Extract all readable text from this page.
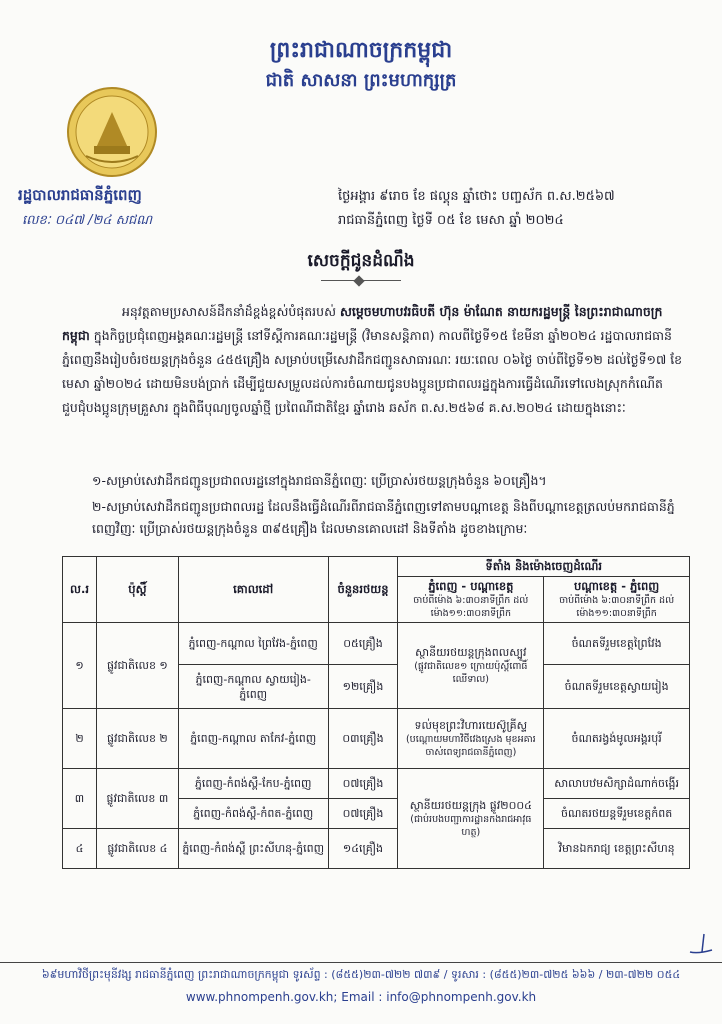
ព្រះរាជាណាចក្រកម្ពុជា
ជាតិ សាសនា ព្រះមហាក្សត្រ
រដ្ឋបាលរាជធានីភ្នំពេញ
លេខៈ ០៤៧ /២៤ សជណ
ថ្ងៃអង្គារ ៩រោច ខែ ផល្គុន ឆ្នាំថោះ បញ្ចស័ក ព.ស.២៥៦៧
រាជធានីភ្នំពេញ ថ្ងៃទី ០៥ ខែ មេសា ឆ្នាំ ២០២៤
សេចក្តីជូនដំណឹង
អនុវត្តតាមប្រសាសន៍ដឹកនាំដ៏ខ្ពង់ខ្ពស់បំផុតរបស់ សម្តេចមហាបវរធិបតី ហ៊ុន ម៉ាណែត នាយករដ្ឋមន្ត្រី នៃព្រះរាជាណាចក្រកម្ពុជា ក្នុងកិច្ចប្រជុំពេញអង្គគណៈរដ្ឋមន្ត្រី នៅទីស្តីការគណៈរដ្ឋមន្ត្រី (វិមានសន្តិភាព) កាលពីថ្ងៃទី១៥ ខែមីនា ឆ្នាំ២០២៤ រដ្ឋបាលរាជធានីភ្នំពេញនឹងរៀបចំរថយន្តក្រុងចំនួន ៤៥៥គ្រឿង សម្រាប់បម្រើសេវាដឹកជញ្ជូនសាធារណៈ រយៈពេល ០៦ថ្ងៃ ចាប់ពីថ្ងៃទី១២ ដល់ថ្ងៃទី១៧ ខែមេសា ឆ្នាំ២០២៤ ដោយមិនបង់ប្រាក់ ដើម្បីជួយសម្រួលដល់ការចំណាយជូនបងប្អូនប្រជាពលរដ្ឋក្នុងការធ្វើដំណើរទៅលេងស្រុកកំណើត ជួបជុំបងប្អូនក្រុមគ្រួសារ ក្នុងពិធីបុណ្យចូលឆ្នាំថ្មី ប្រពៃណីជាតិខ្មែរ ឆ្នាំរោង ឆស័ក ព.ស.២៥៦៨ គ.ស.២០២៤ ដោយក្នុងនោះៈ
១-សម្រាប់សេវាដឹកជញ្ជូនប្រជាពលរដ្ឋនៅក្នុងរាជធានីភ្នំពេញៈ ប្រើប្រាស់រថយន្តក្រុងចំនួន ៦០គ្រឿង។
២-សម្រាប់សេវាដឹកជញ្ជូនប្រជាពលរដ្ឋ ដែលនឹងធ្វើដំណើរពីរាជធានីភ្នំពេញទៅតាមបណ្តាខេត្ត និងពីបណ្តាខេត្តត្រលប់មករាជធានីភ្នំពេញវិញៈ ប្រើប្រាស់រថយន្តក្រុងចំនួន ៣៩៥គ្រឿង ដែលមានគោលដៅ និងទីតាំង ដូចខាងក្រោមៈ
ល.រ	ប៉ុស្តិ៍	គោលដៅ	ចំនួនរថយន្ត	ទីតាំង និងម៉ោងចេញដំណើរ	
				ភ្នំពេញ - បណ្តាខេត្ត
ចាប់ពីម៉ោង ៦:៣០នាទីព្រឹក ដល់ម៉ោង១១:៣០នាទីព្រឹក	បណ្តាខេត្ត - ភ្នំពេញ
ចាប់ពីម៉ោង ៦:៣០នាទីព្រឹក ដល់ម៉ោង១១:៣០នាទីព្រឹក

១	ផ្លូវជាតិលេខ ១	ភ្នំពេញ-កណ្តាល ព្រៃវែង-ភ្នំពេញ	០៥គ្រឿង	ស្ថានីយរថយន្តក្រុងពលស្បូវ
(ផ្លូវជាតិលេខ១ ក្រោយប៉ុស្តិ៍ពោធិ៍ឈើទាល)	ចំណតទីរួមខេត្តព្រៃវែង
		ភ្នំពេញ-កណ្តាល ស្វាយរៀង-ភ្នំពេញ	១២គ្រឿង		ចំណតទីរួមខេត្តស្វាយរៀង
២	ផ្លូវជាតិលេខ ២	ភ្នំពេញ-កណ្តាល តាកែវ-ភ្នំពេញ	០៣គ្រឿង	ទល់មុខព្រះវិហារយេស៊ូគ្រីស្ទ
(បណ្តោយមហាវិថីវេងស្រេង មុខអគារចាស់ពេទ្យរាជធានីភ្នំពេញ)	ចំណតរង្វង់មូលអង្គរបុរី
៣	ផ្លូវជាតិលេខ ៣	ភ្នំពេញ-កំពង់ស្ពឺ-កែប-ភ្នំពេញ	០៧គ្រឿង	ស្ថានីយរថយន្តក្រុង ផ្លូវ២០០៤
(ជាប់របងបញ្ជាការដ្ឋានកងរាជអាវុធហត្ថ)	សាលាបឋមសិក្សាដំណាក់ចង្អើរ
		ភ្នំពេញ-កំពង់ស្ពឺ-កំពត-ភ្នំពេញ	០៧គ្រឿង		ចំណតរថយន្តទីរួមខេត្តកំពត
៤	ផ្លូវជាតិលេខ ៤	ភ្នំពេញ-កំពង់ស្ពឺ ព្រះសីហនុ-ភ្នំពេញ	១៤គ្រឿង		វិមានឯករាជ្យ ខេត្តព្រះសីហនុ
៦៩មហាវិថីព្រះមុនីវង្ស រាជធានីភ្នំពេញ ព្រះរាជាណាចក្រកម្ពុជា ទូរស័ព្ទ : (៨៥៥)២៣-៧២២ ៧៣៩ / ទូរសារ : (៨៥៥)២៣-៧២៥ ៦៦៦ / ២៣-៧២២ ០៥៤
www.phnompenh.gov.kh; Email : info@phnompenh.gov.kh
